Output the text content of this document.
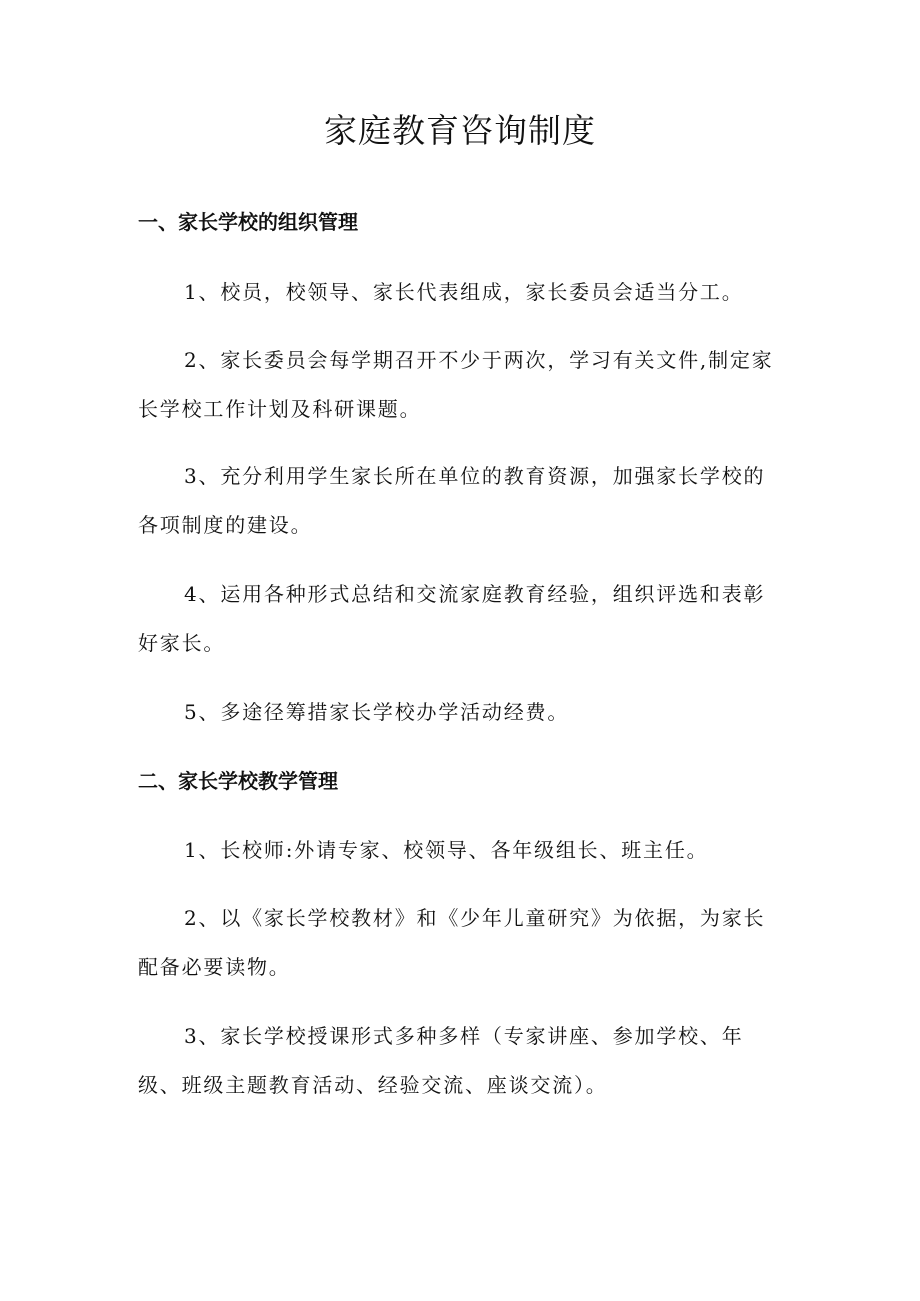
家庭教育咨询制度
一、家长学校的组织管理

1、校员，校领导、家长代表组成，家长委员会适当分工。

2、家长委员会每学期召开不少于两次，学习有关文件,制定家长学校工作计划及科研课题。

3、充分利用学生家长所在单位的教育资源，加强家长学校的各项制度的建设。

4、运用各种形式总结和交流家庭教育经验，组织评选和表彰好家长。

5、多途径筹措家长学校办学活动经费。

二、家长学校教学管理

1、长校师:外请专家、校领导、各年级组长、班主任。

2、以《家长学校教材》和《少年儿童研究》为依据，为家长配备必要读物。

3、家长学校授课形式多种多样（专家讲座、参加学校、年级、班级主题教育活动、经验交流、座谈交流）。
